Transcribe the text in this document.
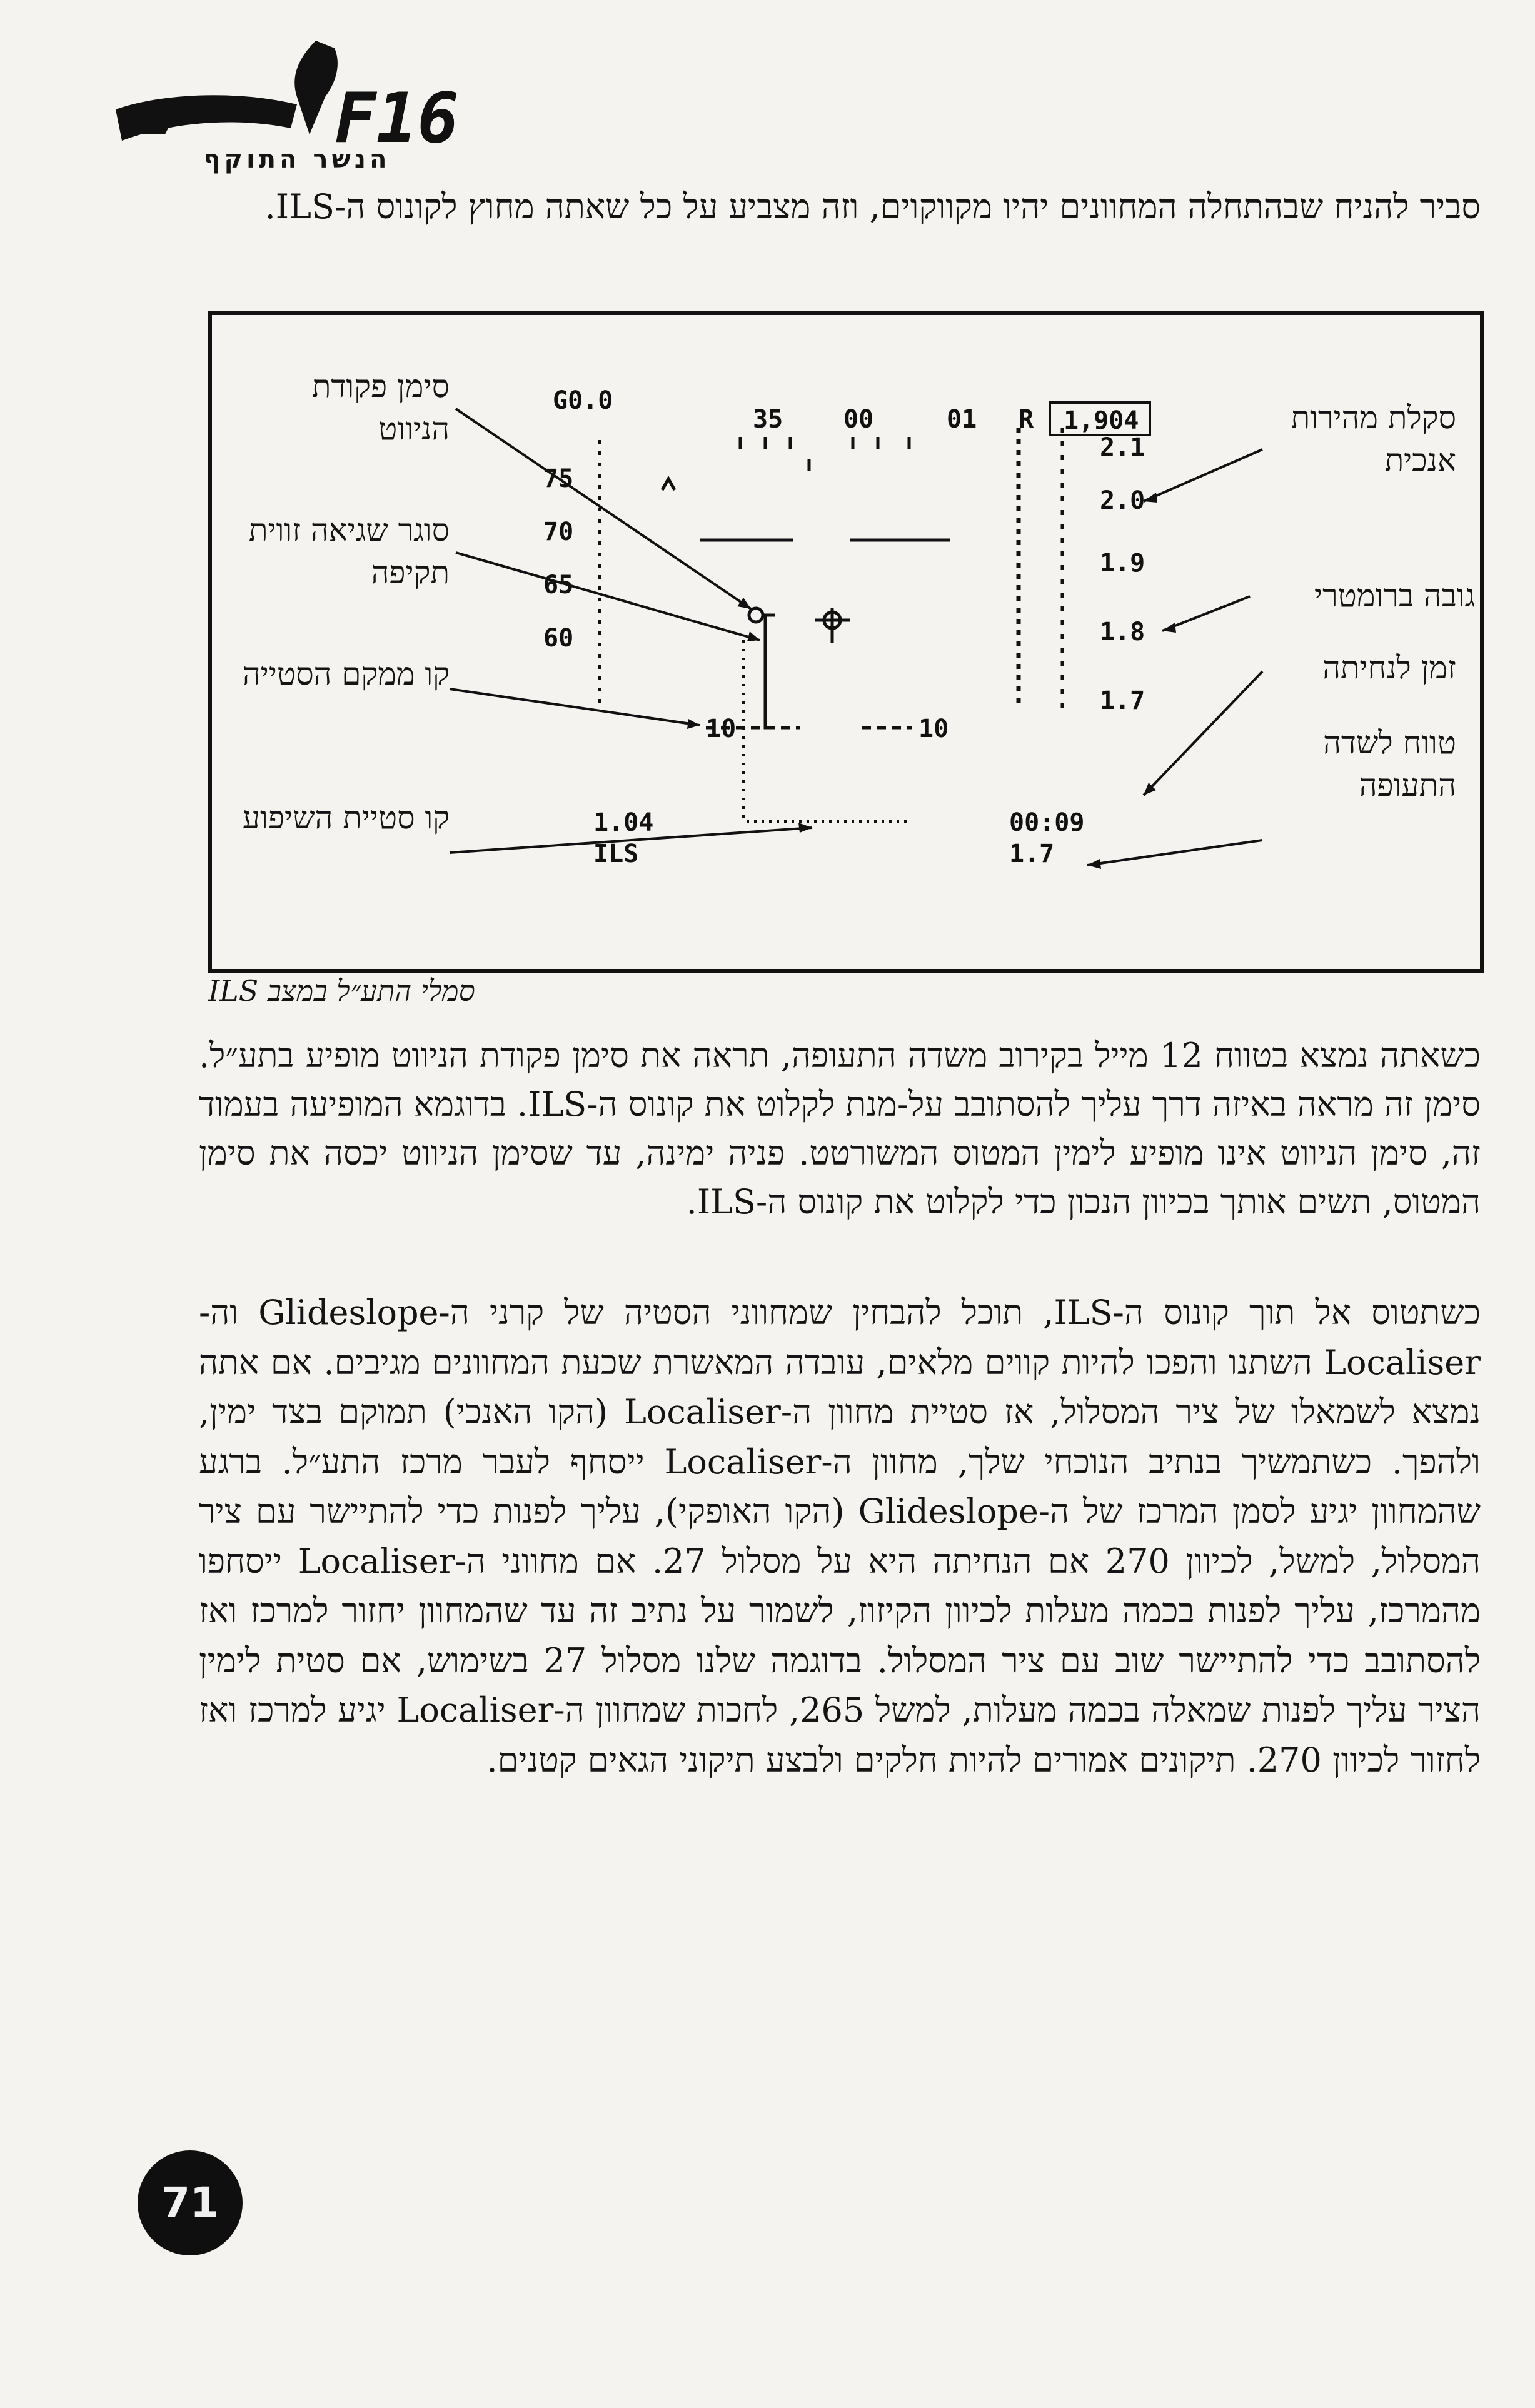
F16
▰
הנשר התוקף
סביר להניח שבהתחלה המחוונים יהיו מקווקוים, וזה מצביע על כל שאתה מחוץ לקונוס ה-ILS.
G0.0
35 00	01
75
70
65
60
R 1,904
2.1
2.0
1.9
1.8
1.7
10	10
1.04
ILS
00:09
1.7
סימן פקודת הניווט
סוגר שגיאה זווית תקיפה
קו ממקם הסטייה
קו סטיית השיפוע
סקלת מהירות אנכית
גובה ברומטרי
זמן לנחיתה
טווח לשדה התעופה
סמלי התע״ל במצב ILS
כשאתה נמצא בטווח 12 מייל בקירוב משדה התעופה, תראה את סימן פקודת הניווט מופיע בתע״ל. סימן זה מראה באיזה דרך עליך להסתובב על-מנת לקלוט את קונוס ה-ILS. בדוגמא המופיעה בעמוד זה, סימן הניווט אינו מופיע לימין המטוס המשורטט. פניה ימינה, עד שסימן הניווט יכסה את סימן המטוס, תשים אותך בכיוון הנכון כדי לקלוט את קונוס ה-ILS.
כשתטוס אל תוך קונוס ה-ILS, תוכל להבחין שמחווני הסטיה של קרני ה-Glideslope וה-Localiser השתנו והפכו להיות קווים מלאים, עובדה המאשרת שכעת המחוונים מגיבים. אם אתה נמצא לשמאלו של ציר המסלול, אז סטיית מחוון ה-Localiser (הקו האנכי) תמוקם בצד ימין, ולהפך. כשתמשיך בנתיב הנוכחי שלך, מחוון ה-Localiser ייסחף לעבר מרכז התע״ל. ברגע שהמחוון יגיע לסמן המרכז של ה-Glideslope (הקו האופקי), עליך לפנות כדי להתיישר עם ציר המסלול, למשל, לכיוון 270 אם הנחיתה היא על מסלול 27. אם מחווני ה-Localiser ייסחפו מהמרכז, עליך לפנות בכמה מעלות לכיוון הקיזוז, לשמור על נתיב זה עד שהמחוון יחזור למרכז ואז להסתובב כדי להתיישר שוב עם ציר המסלול. בדוגמה שלנו מסלול 27 בשימוש, אם סטית לימין הציר עליך לפנות שמאלה בכמה מעלות, למשל 265, לחכות שמחוון ה-Localiser יגיע למרכז ואז לחזור לכיוון 270. תיקונים אמורים להיות חלקים ולבצע תיקוני הגאים קטנים.
71
